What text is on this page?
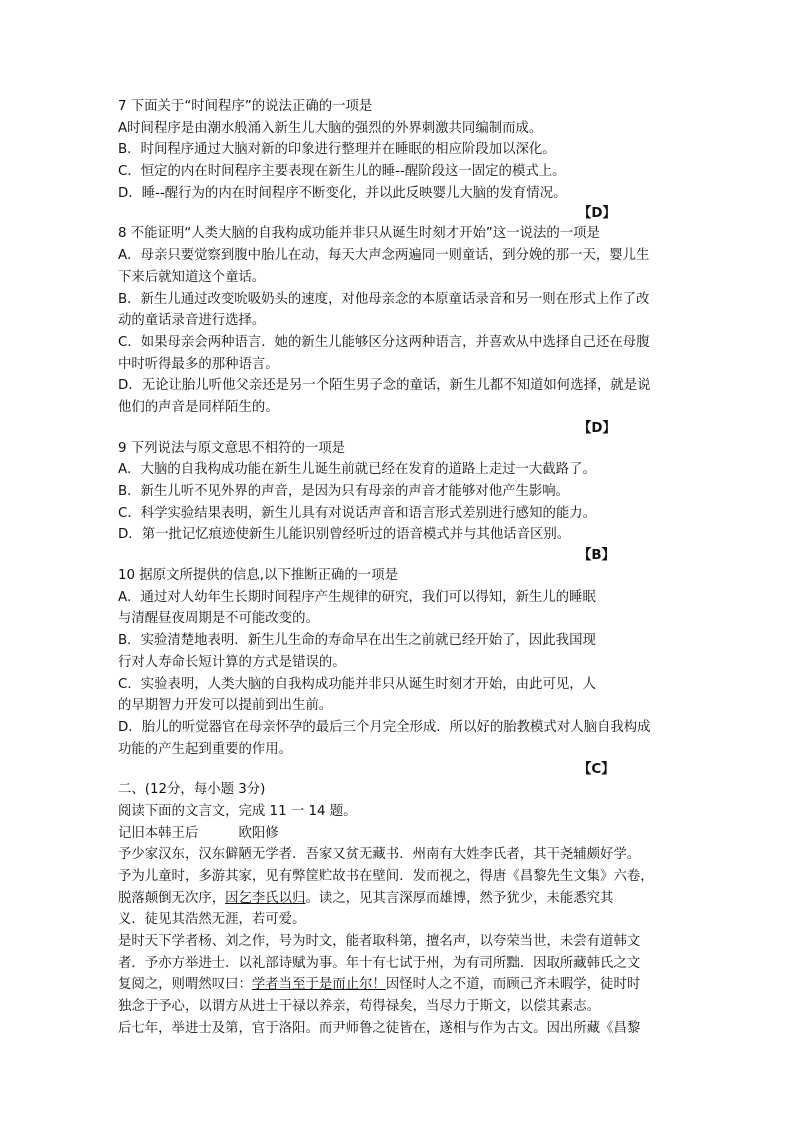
7 下面关于“时间程序”的说法正确的一项是
A时间程序是由潮水般涌入新生儿大脑的强烈的外界刺激共同编制而成。
B．时间程序通过大脑对新的印象进行整理并在睡眠的相应阶段加以深化。
C．恒定的内在时间程序主要表现在新生儿的睡--醒阶段这一固定的模式上。
D．睡--醒行为的内在时间程序不断变化，并以此反映婴儿大脑的发育情况。
【D】
8 不能证明“人类大脑的自我构成功能并非只从诞生时刻才开始”这一说法的一项是
A．母亲只要觉察到腹中胎儿在动，每天大声念两遍同一则童话，到分娩的那一天，婴儿生
下来后就知道这个童话。
B．新生儿通过改变吮吸奶头的速度，对他母亲念的本原童话录音和另一则在形式上作了改
动的童话录音进行选择。
C．如果母亲会两种语言．她的新生儿能够区分这两种语言，并喜欢从中选择自己还在母腹
中时听得最多的那种语言。
D．无论让胎儿听他父亲还是另一个陌生男子念的童话，新生儿都不知道如何选择，就是说
他们的声音是同样陌生的。
【D】
9 下列说法与原文意思不相符的一项是
A．大脑的自我构成功能在新生儿诞生前就已经在发育的道路上走过一大截路了。
B．新生儿听不见外界的声音，是因为只有母亲的声音才能够对他产生影响。
C．科学实验结果表明，新生儿具有对说话声音和语言形式差别进行感知的能力。
D．第一批记忆痕迹使新生儿能识别曾经听过的语音模式并与其他话音区别。
【B】
10 据原文所提供的信息,以下推断正确的一项是
A．通过对人幼年生长期时间程序产生规律的研究，我们可以得知，新生儿的睡眠
与清醒昼夜周期是不可能改变的。
B．实验清楚地表明．新生儿生命的寿命早在出生之前就已经开始了，因此我国现
行对人寿命长短计算的方式是错误的。
C．实验表明，人类大脑的自我构成功能并非只从诞生时刻才开始，由此可见，人
的早期智力开发可以提前到出生前。
D．胎儿的听觉器官在母亲怀孕的最后三个月完全形成．所以好的胎教模式对人脑自我构成
功能的产生起到重要的作用。
【C】
二、(12分，每小题 3分)
阅读下面的文言文，完成 11 一 14 题。
记旧本韩王后　　　欧阳修
予少家汉东，汉东僻陋无学者．吾家又贫无藏书．州南有大姓李氏者，其干尧辅颇好学。
予为儿童时，多游其家，见有弊筐贮故书在壁间．发而视之，得唐《昌黎先生文集》六卷，
脱落颠倒无次序，因乞李氏以归。读之，见其言深厚而雄博，然予犹少，未能悉究其
义．徒见其浩然无涯，若可爱。
是时天下学者杨、刘之作，号为时文，能者取科第，擅名声，以夸荣当世，未尝有道韩文
者．予亦方举进士．以礼部诗赋为事。年十有七试于州，为有司所黜．因取所藏韩氏之文
复阅之，则喟然叹曰：学者当至于是而止尔！因怪时人之不道，而顾己齐未暇学，徒时时
独念于予心，以谓方从进士干禄以养亲，苟得禄矣，当尽力于斯文，以偿其素志。
后七年，举进士及第，官于洛阳。而尹师鲁之徒皆在，遂相与作为古文。因出所藏《昌黎
